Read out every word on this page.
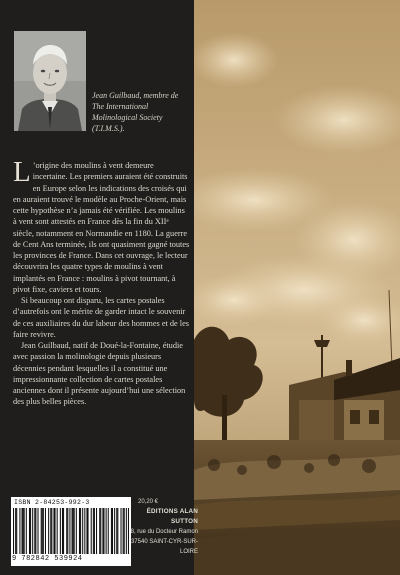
Jean Guilbaud, membre de The International Molinological Society (T.I.M.S.).

L ’origine des moulins à vent demeure incertaine. Les premiers auraient été construits en Europe selon les indications des croisés qui en auraient trouvé le modèle au Proche-Orient, mais cette hypothèse n’a jamais été vérifiée. Les moulins à vent sont attestés en France dès la fin du XIIᵉ siècle, notamment en Normandie en 1180. La guerre de Cent Ans terminée, ils ont quasiment gagné toutes les provinces de France. Dans cet ouvrage, le lecteur découvrira les quatre types de moulins à vent implantés en France : moulins à pivot tournant, à pivot fixe, caviers et tours.

Si beaucoup ont disparu, les cartes postales d’autrefois ont le mérite de garder intact le souvenir de ces auxiliaires du dur labeur des hommes et de les faire revivre.

Jean Guilbaud, natif de Doué-la-Fontaine, étudie avec passion la molinologie depuis plusieurs décennies pendant lesquelles il a constitué une impressionnante collection de cartes postales anciennes dont il présente aujourd’hui une sélection des plus belles pièces.

ISBN 2-84253-992-3
9 782842 539924
20,20 €
ÉDITIONS ALAN SUTTON
8, rue du Docteur Ramon
37540 SAINT-CYR-SUR-LOIRE
